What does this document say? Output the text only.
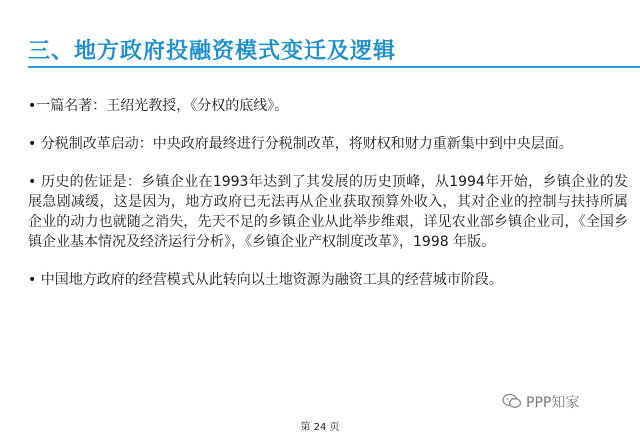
三、地方政府投融资模式变迁及逻辑

•一篇名著：王绍光教授，《分权的底线》。

• 分税制改革启动：中央政府最终进行分税制改革，将财权和财力重新集中到中央层面。

• 历史的佐证是：乡镇企业在1993年达到了其发展的历史顶峰，从1994年开始，乡镇企业的发展急剧减缓，这是因为，地方政府已无法再从企业获取预算外收入，其对企业的控制与扶持所属企业的动力也就随之消失，先天不足的乡镇企业从此举步维艰，详见农业部乡镇企业司，《全国乡镇企业基本情况及经济运行分析》，《乡镇企业产权制度改革》，1998 年版。

• 中国地方政府的经营模式从此转向以土地资源为融资工具的经营城市阶段。

PPP知家
第 24 页
